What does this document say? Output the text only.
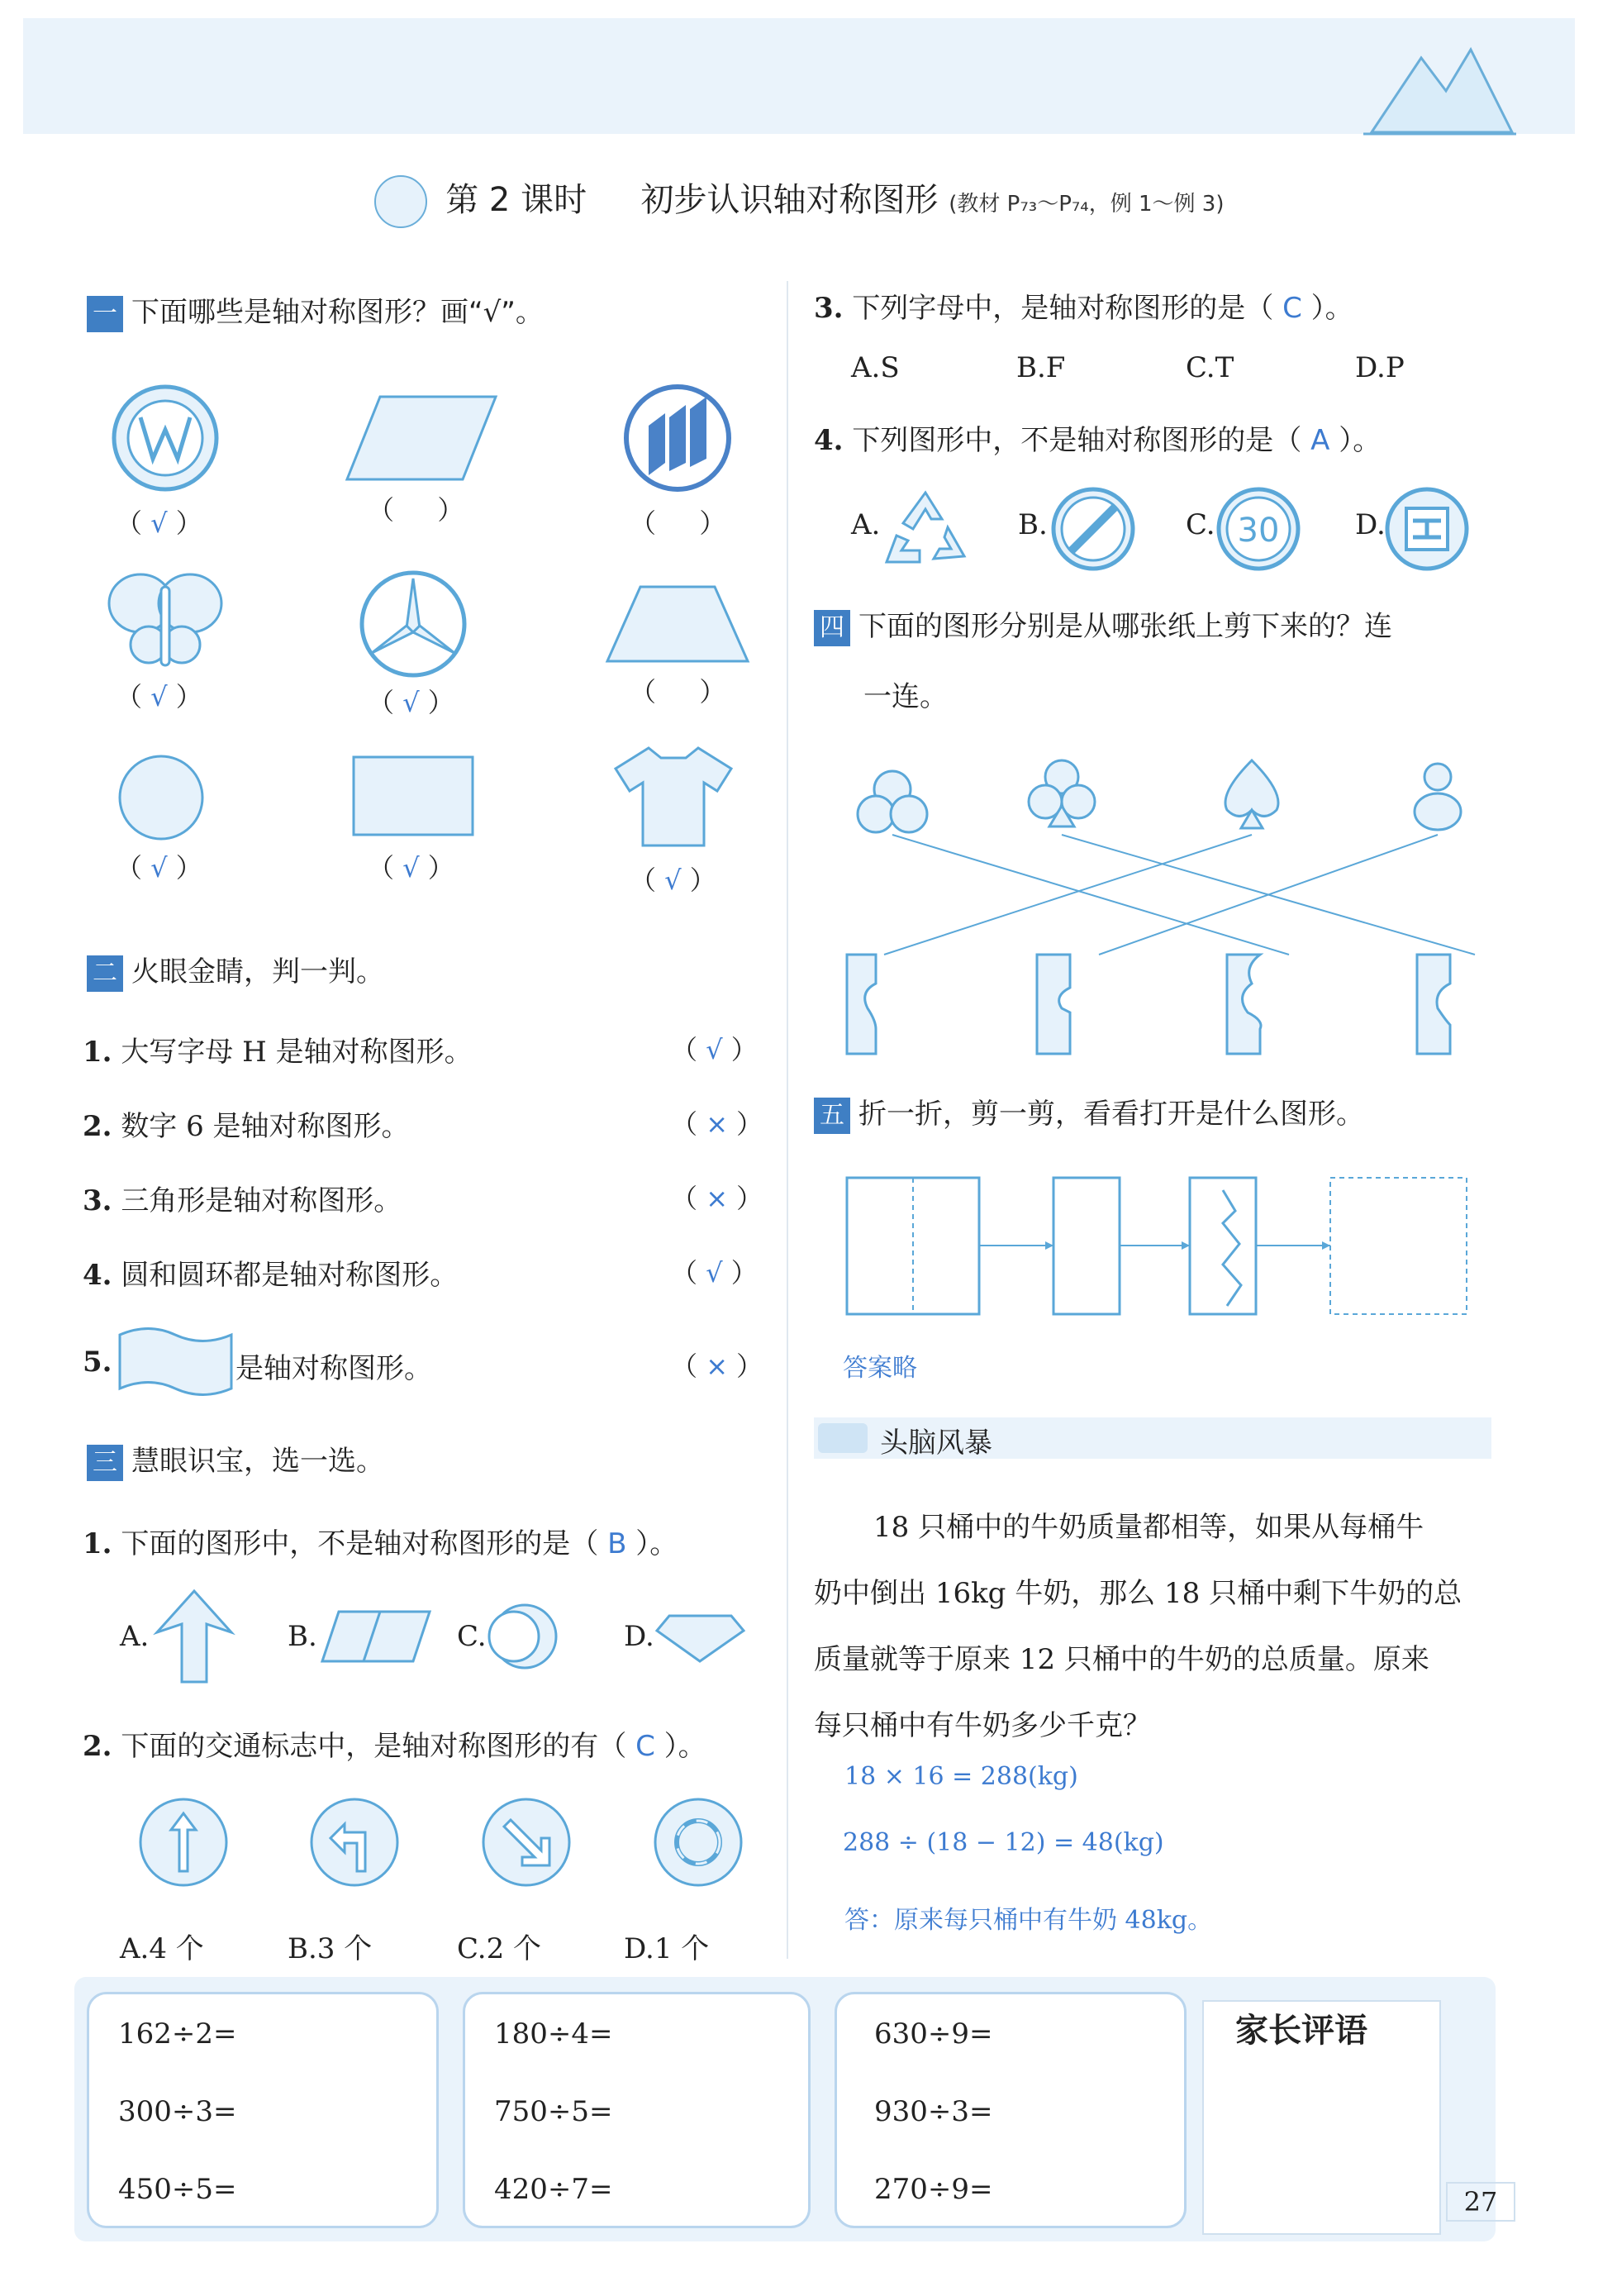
第 2 课时 初步认识轴对称图形 (教材 P₇₃～P₇₄，例 1～例 3)
一 下面哪些是轴对称图形？画“√”。
（ √ ）	（ 　 ）	（ 　 ）
（ √ ）	（ √ ）	（ 　 ）
（ √ ）	（ √ ）	（ √ ）
二 火眼金睛，判一判。
1. 大写字母 H 是轴对称图形。	（ √ ）
2. 数字 6 是轴对称图形。	（ × ）
3. 三角形是轴对称图形。	（ × ）
4. 圆和圆环都是轴对称图形。	（ √ ）
5.	是轴对称图形。	（ × ）
三 慧眼识宝，选一选。
1. 下面的图形中，不是轴对称图形的是（ B ）。
A.	B.	C.	D.
2. 下面的交通标志中，是轴对称图形的有（ C ）。
A.4 个	B.3 个	C.2 个	D.1 个
3. 下列字母中，是轴对称图形的是（ C ）。
A.S	B.F	C.T	D.P
4. 下列图形中，不是轴对称图形的是（ A ）。
A.	B.	C. 30	D.
四 下面的图形分别是从哪张纸上剪下来的？连
一连。
五 折一折，剪一剪，看看打开是什么图形。
答案略
头脑风暴
18 只桶中的牛奶质量都相等，如果从每桶牛
奶中倒出 16kg 牛奶，那么 18 只桶中剩下牛奶的总
质量就等于原来 12 只桶中的牛奶的总质量。原来
每只桶中有牛奶多少千克？
18 × 16 = 288(kg)
288 ÷ (18 − 12) = 48(kg)
答：原来每只桶中有牛奶 48kg。
162÷2=
300÷3=
450÷5=
180÷4=
750÷5=
420÷7=
630÷9=
930÷3=
270÷9=
家长评语
27
